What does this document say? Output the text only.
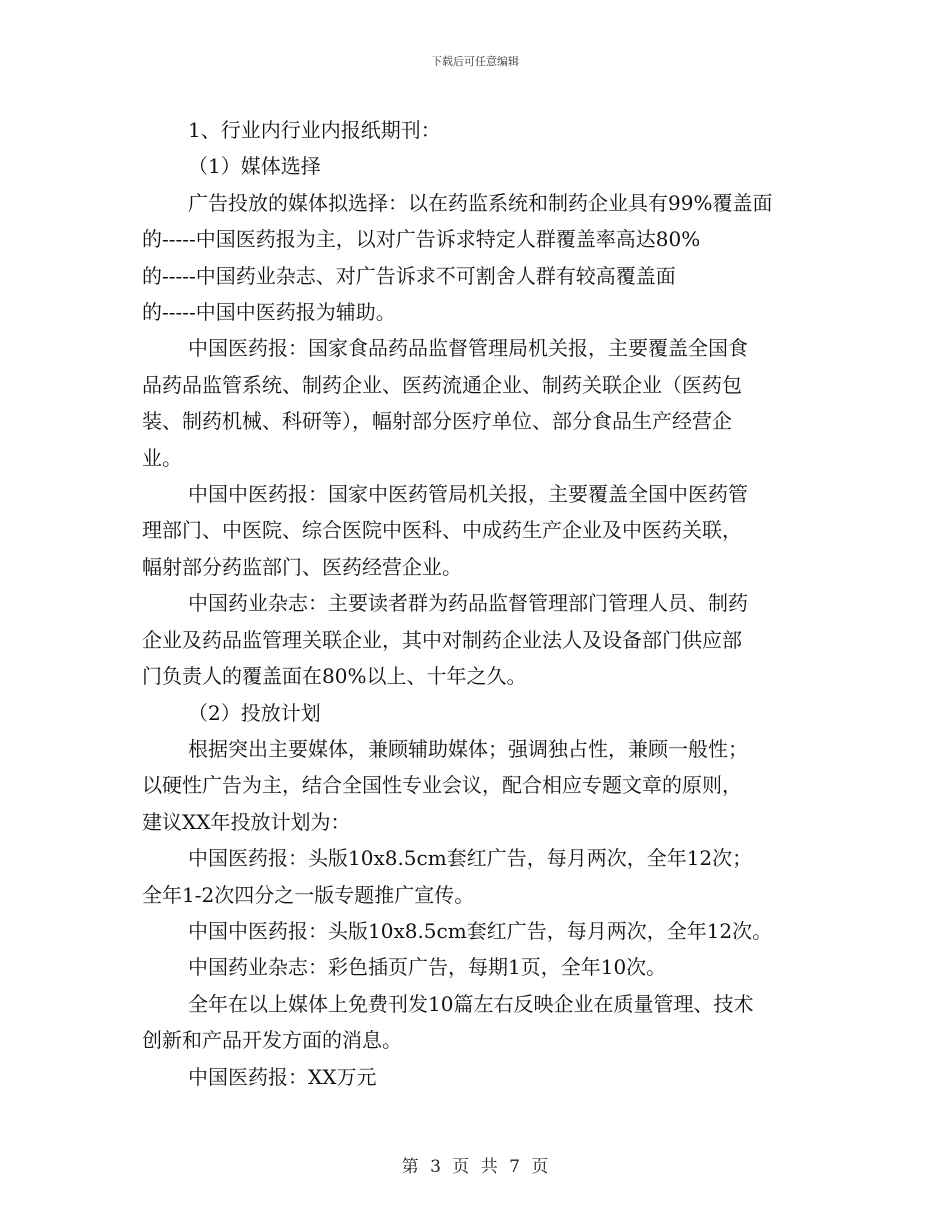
下载后可任意编辑

1、行业内行业内报纸期刊：

（1）媒体选择

广告投放的媒体拟选择：以在药监系统和制药企业具有99%覆盖面

的-----中国医药报为主，以对广告诉求特定人群覆盖率高达80%

的-----中国药业杂志、对广告诉求不可割舍人群有较高覆盖面

的-----中国中医药报为辅助。

中国医药报：国家食品药品监督管理局机关报，主要覆盖全国食

品药品监管系统、制药企业、医药流通企业、制药关联企业（医药包

装、制药机械、科研等），幅射部分医疗单位、部分食品生产经营企

业。

中国中医药报：国家中医药管局机关报，主要覆盖全国中医药管

理部门、中医院、综合医院中医科、中成药生产企业及中医药关联，

幅射部分药监部门、医药经营企业。

中国药业杂志：主要读者群为药品监督管理部门管理人员、制药

企业及药品监管理关联企业，其中对制药企业法人及设备部门供应部

门负责人的覆盖面在80%以上、十年之久。

（2）投放计划

根据突出主要媒体，兼顾辅助媒体；强调独占性，兼顾一般性；

以硬性广告为主，结合全国性专业会议，配合相应专题文章的原则，

建议XX年投放计划为：

中国医药报：头版10x8.5cm套红广告，每月两次，全年12次；

全年1-2次四分之一版专题推广宣传。

中国中医药报：头版10x8.5cm套红广告，每月两次，全年12次。

中国药业杂志：彩色插页广告，每期1页，全年10次。

全年在以上媒体上免费刊发10篇左右反映企业在质量管理、技术

创新和产品开发方面的消息。

中国医药报：XX万元

第 3 页 共 7 页
